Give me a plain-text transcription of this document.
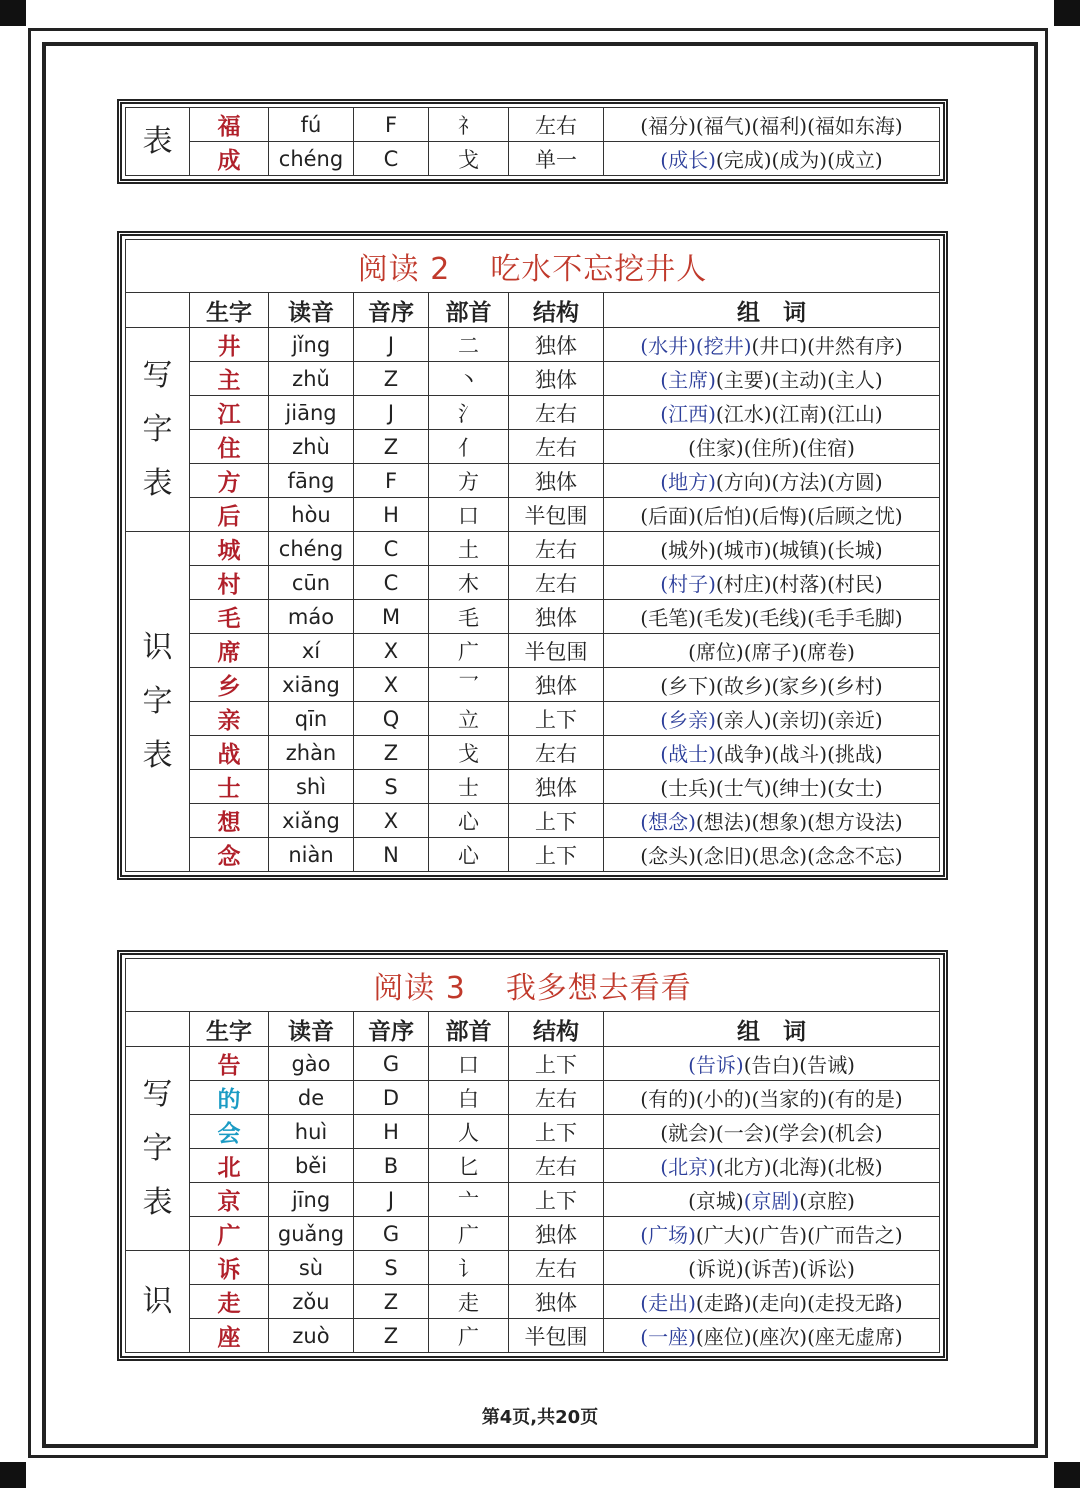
表	福	fú	F	礻	左右	(福分)(福气)(福利)(福如东海)
	成	chéng	C	戈	单一	(成长)(完成)(成为)(成立)
阅读 2 吃水不忘挖井人						
	生字	读音	音序	部首	结构	组　词

写
字
表	井	jǐng	J	二	独体	(水井)(挖井)(井口)(井然有序)
	主	zhǔ	Z	丶	独体	(主席)(主要)(主动)(主人)
	江	jiāng	J	氵	左右	(江西)(江水)(江南)(江山)
	住	zhù	Z	亻	左右	(住家)(住所)(住宿)
	方	fāng	F	方	独体	(地方)(方向)(方法)(方圆)
	后	hòu	H	口	半包围	(后面)(后怕)(后悔)(后顾之忧)

识
字
表	城	chéng	C	土	左右	(城外)(城市)(城镇)(长城)
	村	cūn	C	木	左右	(村子)(村庄)(村落)(村民)
	毛	máo	M	毛	独体	(毛笔)(毛发)(毛线)(毛手毛脚)
	席	xí	X	广	半包围	(席位)(席子)(席卷)
	乡	xiāng	X	乛	独体	(乡下)(故乡)(家乡)(乡村)
	亲	qīn	Q	立	上下	(乡亲)(亲人)(亲切)(亲近)
	战	zhàn	Z	戈	左右	(战士)(战争)(战斗)(挑战)
	士	shì	S	士	独体	(士兵)(士气)(绅士)(女士)
	想	xiǎng	X	心	上下	(想念)(想法)(想象)(想方设法)
	念	niàn	N	心	上下	(念头)(念旧)(思念)(念念不忘)
阅读 3 我多想去看看						
	生字	读音	音序	部首	结构	组　词

写
字
表	告	gào	G	口	上下	(告诉)(告白)(告诫)
	的	de	D	白	左右	(有的)(小的)(当家的)(有的是)
	会	huì	H	人	上下	(就会)(一会)(学会)(机会)
	北	běi	B	匕	左右	(北京)(北方)(北海)(北极)
	京	jīng	J	亠	上下	(京城)(京剧)(京腔)
	广	guǎng	G	广	独体	(广场)(广大)(广告)(广而告之)

识	诉	sù	S	讠	左右	(诉说)(诉苦)(诉讼)
	走	zǒu	Z	走	独体	(走出)(走路)(走向)(走投无路)
	座	zuò	Z	广	半包围	(一座)(座位)(座次)(座无虚席)
第4页,共20页
